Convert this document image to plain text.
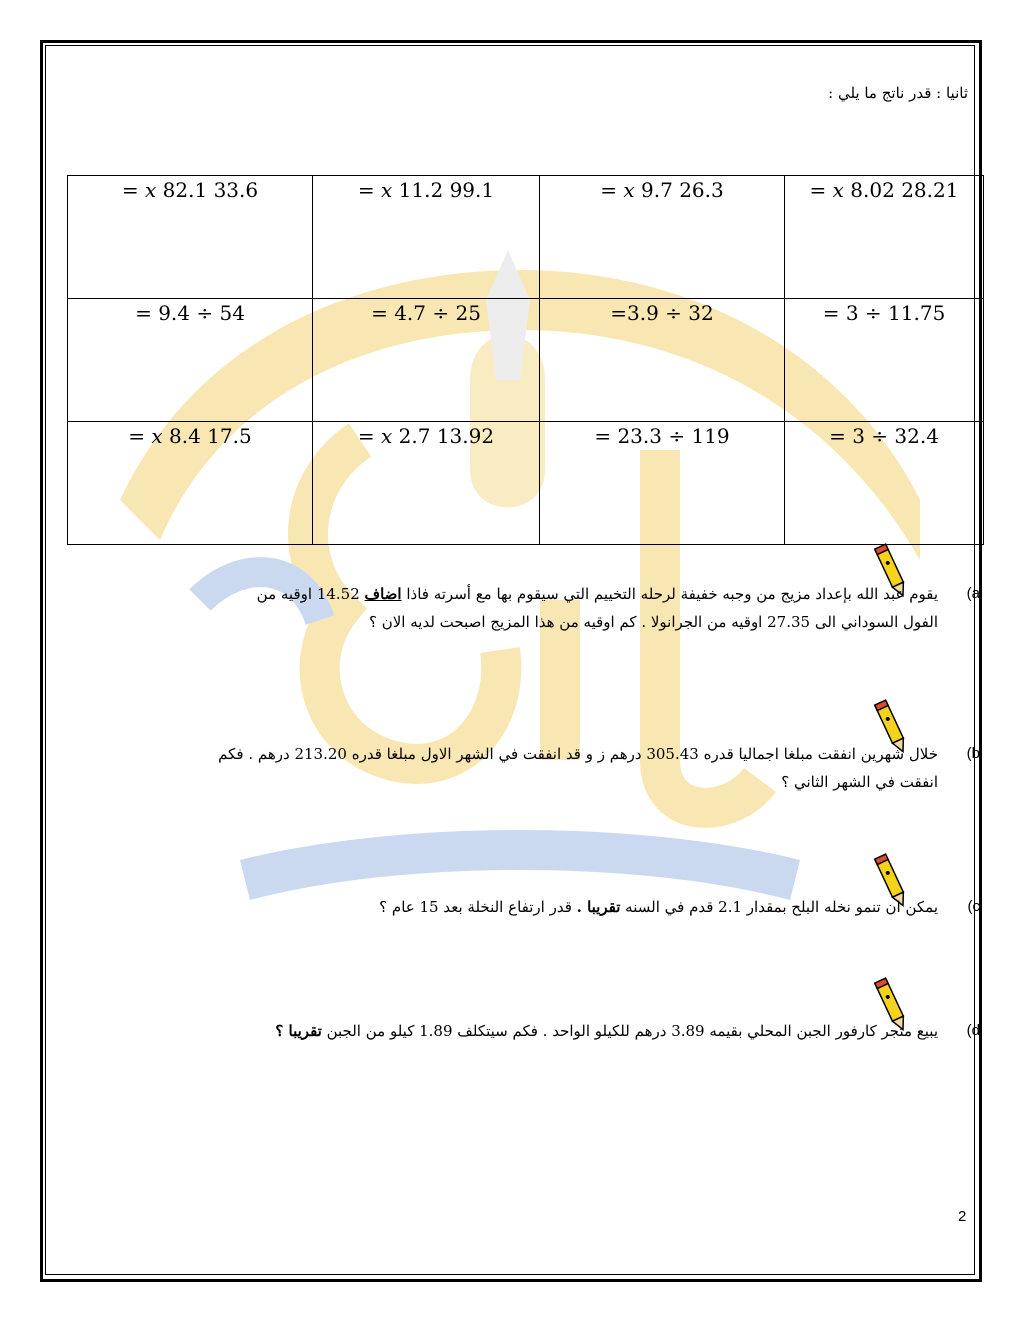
ثانيا : قدر ناتج ما يلي :
28.21 𝑥 8.02 =	26.3 𝑥 9.7 =	99.1 𝑥 11.2 =	33.6 𝑥 82.1 =
11.75 ÷ 3 =	32 ÷ 3.9=	25 ÷ 4.7 =	54 ÷ 9.4 =
32.4 ÷ 3 =	119 ÷ 23.3 =	13.92 𝑥 2.7 =	17.5 𝑥 8.4 =
a)
يقوم عبد الله بإعداد مزيج من وجبه خفيفة لرحله التخييم التي سيقوم بها مع أسرته فاذا اضاف 14.52 اوقيه من
الفول السوداني الى 27.35 اوقيه من الجرانولا . كم اوقيه من هذا المزيج اصبحت لديه الان ؟
b)
خلال شهرين انفقت مبلغا اجماليا قدره 305.43 درهم ز و قد انفقت في الشهر الاول مبلغا قدره 213.20 درهم . فكم
انفقت في الشهر الثاني ؟
c)
يمكن ان تنمو نخله البلح بمقدار 2.1 قدم في السنه تقريبا . قدر ارتفاع النخلة بعد 15 عام ؟
d)
يبيع متجر كارفور الجبن المحلي بقيمه 3.89 درهم للكيلو الواحد . فكم سيتكلف 1.89 كيلو من الجبن تقريبا ؟
2
